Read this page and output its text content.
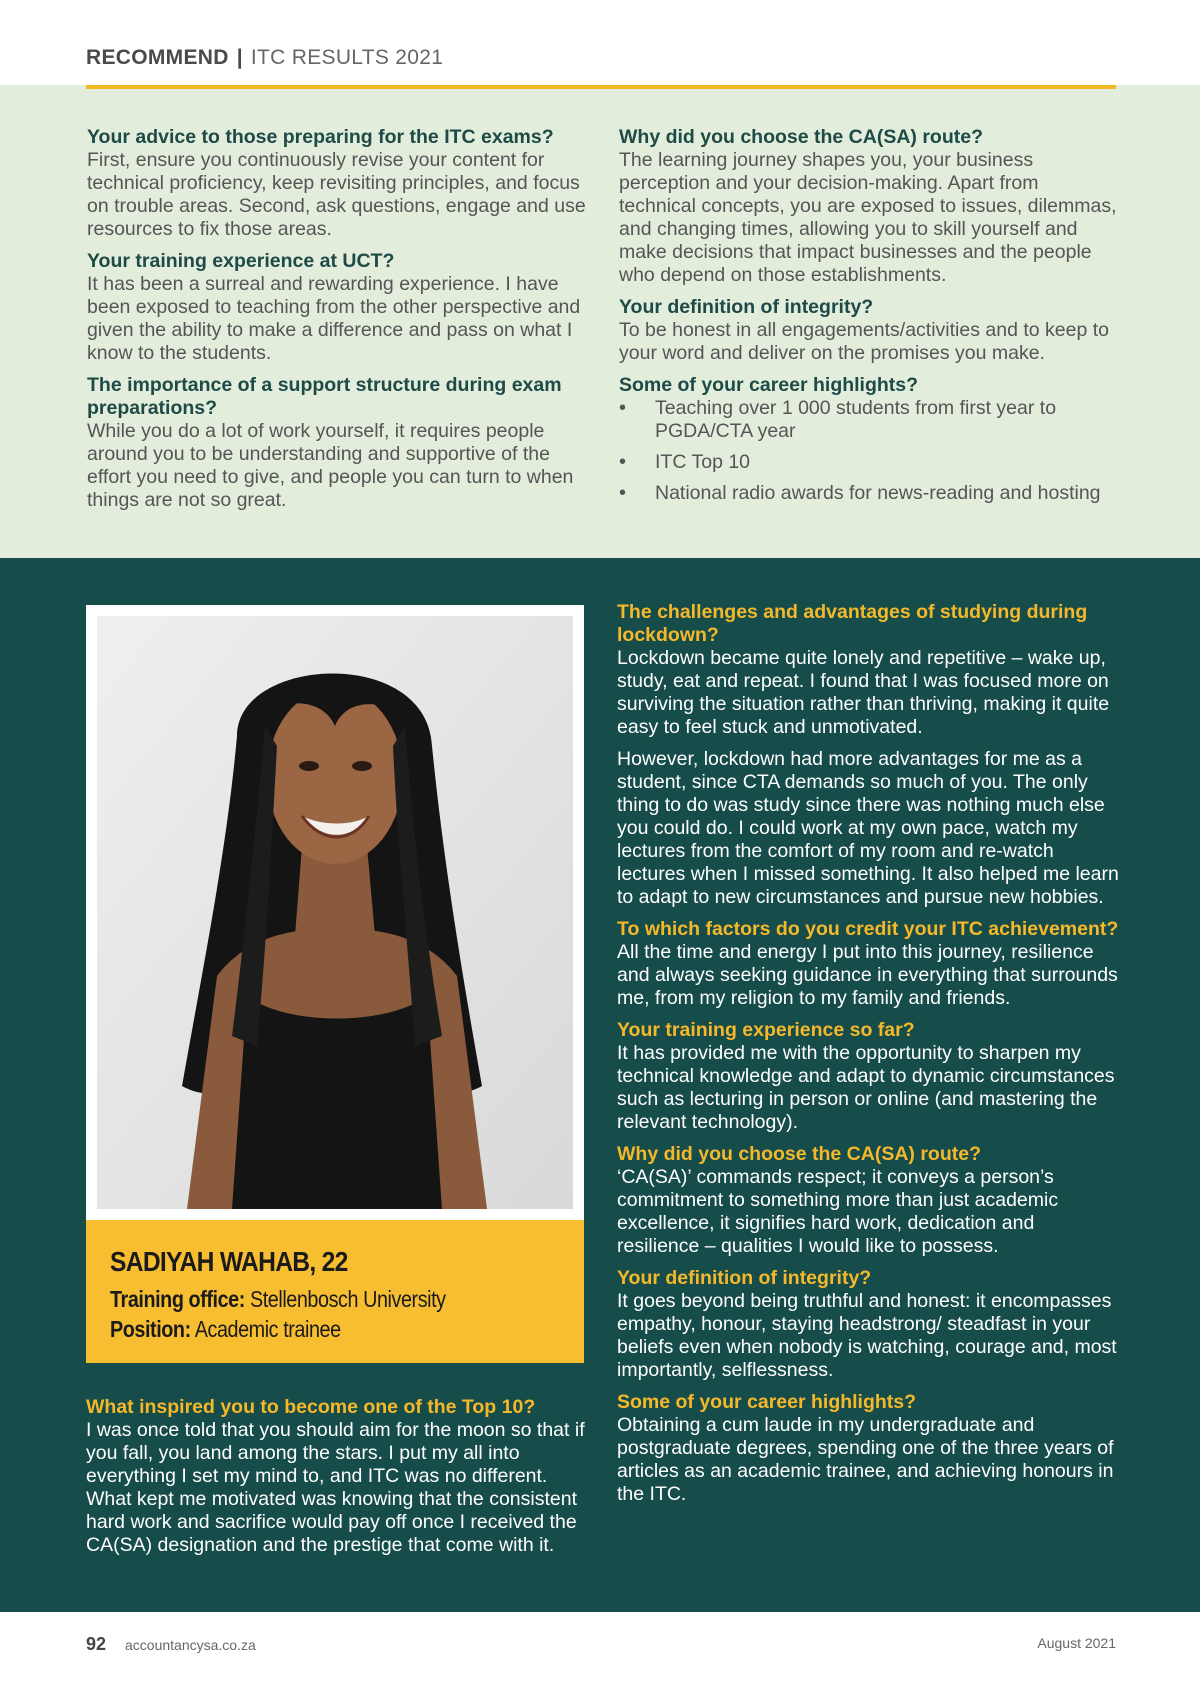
RECOMMEND | ITC RESULTS 2021

Your advice to those preparing for the ITC exams?

First, ensure you continuously revise your content for technical proficiency, keep revisiting principles, and focus on trouble areas. Second, ask questions, engage and use resources to fix those areas.

Your training experience at UCT?

It has been a surreal and rewarding experience. I have been exposed to teaching from the other perspective and given the ability to make a difference and pass on what I know to the students.

The importance of a support structure during exam preparations?

While you do a lot of work yourself, it requires people around you to be understanding and supportive of the effort you need to give, and people you can turn to when things are not so great.

Why did you choose the CA(SA) route?

The learning journey shapes you, your business perception and your decision-making. Apart from technical concepts, you are exposed to issues, dilemmas, and changing times, allowing you to skill yourself and make decisions that impact businesses and the people who depend on those establishments.

Your definition of integrity?

To be honest in all engagements/activities and to keep to your word and deliver on the promises you make.

Some of your career highlights?

• Teaching over 1 000 students from first year to PGDA/CTA year
• ITC Top 10
• National radio awards for news-reading and hosting
SADIYAH WAHAB, 22
Training office: Stellenbosch University
Position: Academic trainee

What inspired you to become one of the Top 10?

I was once told that you should aim for the moon so that if you fall, you land among the stars. I put my all into everything I set my mind to, and ITC was no different. What kept me motivated was knowing that the consistent hard work and sacrifice would pay off once I received the CA(SA) designation and the prestige that come with it.

The challenges and advantages of studying during lockdown?

Lockdown became quite lonely and repetitive – wake up, study, eat and repeat. I found that I was focused more on surviving the situation rather than thriving, making it quite easy to feel stuck and unmotivated.

However, lockdown had more advantages for me as a student, since CTA demands so much of you. The only thing to do was study since there was nothing much else you could do. I could work at my own pace, watch my lectures from the comfort of my room and re-watch lectures when I missed something. It also helped me learn to adapt to new circumstances and pursue new hobbies.

To which factors do you credit your ITC achievement?

All the time and energy I put into this journey, resilience and always seeking guidance in everything that surrounds me, from my religion to my family and friends.

Your training experience so far?

It has provided me with the opportunity to sharpen my technical knowledge and adapt to dynamic circumstances such as lecturing in person or online (and mastering the relevant technology).

Why did you choose the CA(SA) route?

‘CA(SA)’ commands respect; it conveys a person’s commitment to something more than just academic excellence, it signifies hard work, dedication and resilience – qualities I would like to possess.

Your definition of integrity?

It goes beyond being truthful and honest: it encompasses empathy, honour, staying headstrong/ steadfast in your beliefs even when nobody is watching, courage and, most importantly, selflessness.

Some of your career highlights?

Obtaining a cum laude in my undergraduate and postgraduate degrees, spending one of the three years of articles as an academic trainee, and achieving honours in the ITC.

92 accountancysa.co.za	August 2021
